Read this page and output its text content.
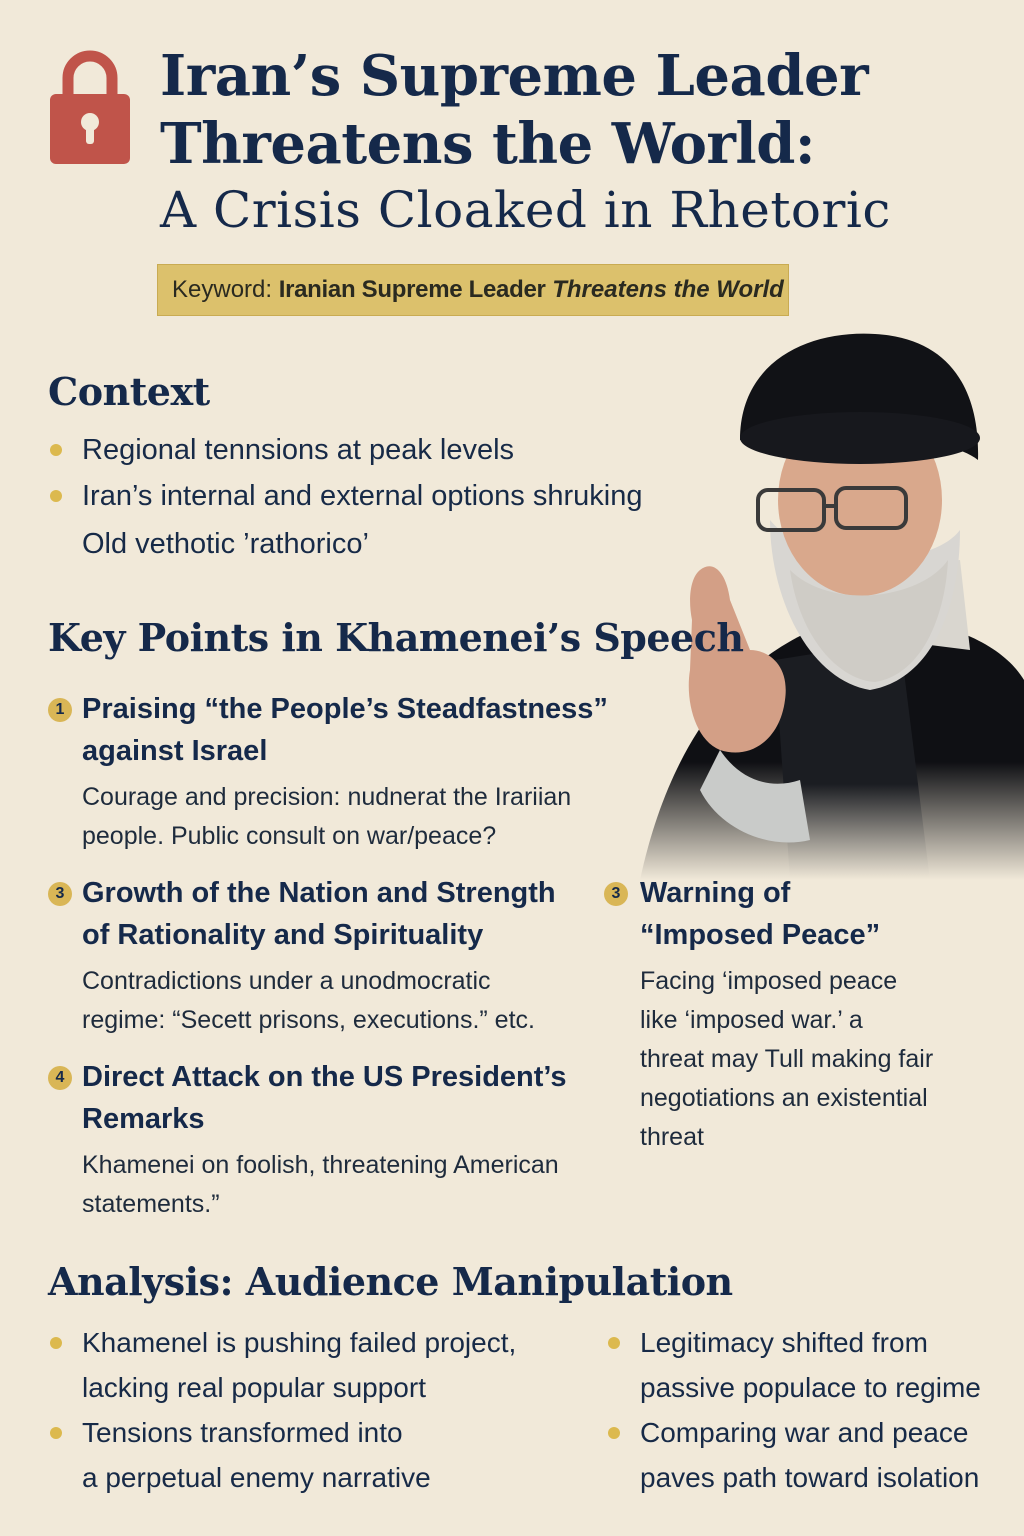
Iran’s Supreme Leader
Threatens the World:
A Crisis Cloaked in Rhetoric
Keyword: Iranian Supreme Leader Threatens the World
Context
Regional tennsions at peak levels
Iran’s internal and external options shruking
Old vethotic ’rathorico’
Key Points in Khamenei’s Speech
1 Praising “the People’s Steadfastness”
against Israel
Courage and precision: nudnerat the Irariian
people. Public consult on war/peace?
3 Growth of the Nation and Strength
of Rationality and Spirituality
Contradictions under a unodmocratic
regime: “Secett prisons, executions.” etc.
3 Warning of
“Imposed Peace”
Facing ‘imposed peace
like ‘imposed war.’ a
threat may Tull making fair
negotiations an existential
threat
4 Direct Attack on the US President’s
Remarks
Khamenei on foolish, threatening American
statements.”
Analysis: Audience Manipulation
Khamenel is pushing failed project,
lacking real popular support
Tensions transformed into
a perpetual enemy narrative
Legitimacy shifted from
passive populace to regime
Comparing war and peace
paves path toward isolation
